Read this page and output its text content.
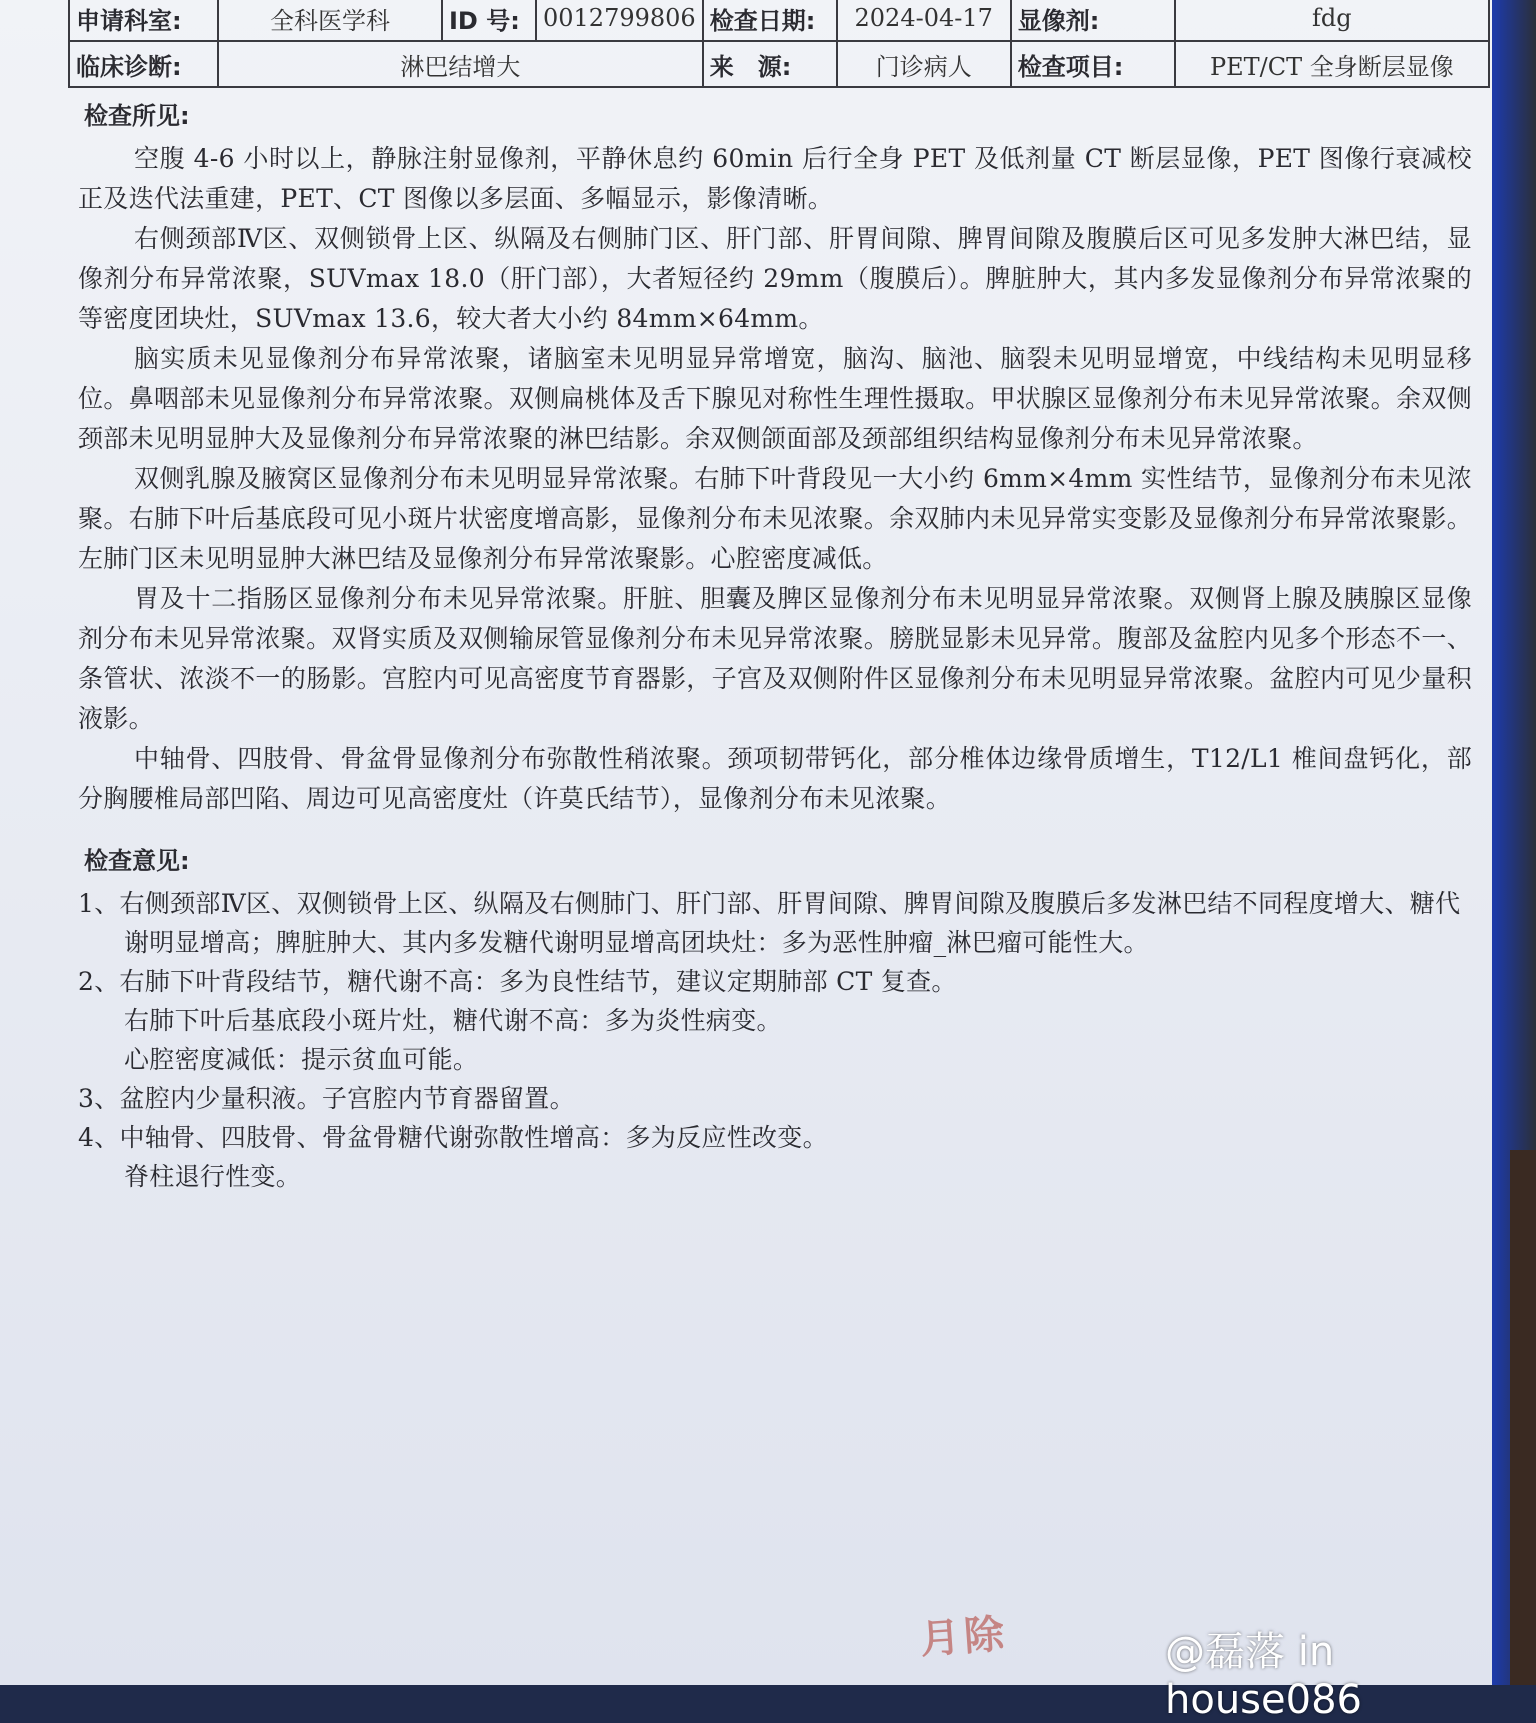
申请科室:	全科医学科	ID 号:	0012799806	检查日期:	2024-04-17	显像剂:	fdg
临床诊断:	淋巴结增大			来　源:	门诊病人	检查项目:	PET/CT 全身断层显像
检查所见:

空腹 4-6 小时以上，静脉注射显像剂，平静休息约 60min 后行全身 PET 及低剂量 CT 断层显像，PET 图像行衰减校正及迭代法重建，PET、CT 图像以多层面、多幅显示，影像清晰。

右侧颈部Ⅳ区、双侧锁骨上区、纵隔及右侧肺门区、肝门部、肝胃间隙、脾胃间隙及腹膜后区可见多发肿大淋巴结，显像剂分布异常浓聚，SUVmax 18.0（肝门部），大者短径约 29mm（腹膜后）。脾脏肿大，其内多发显像剂分布异常浓聚的等密度团块灶，SUVmax 13.6，较大者大小约 84mm×64mm。

脑实质未见显像剂分布异常浓聚，诸脑室未见明显异常增宽，脑沟、脑池、脑裂未见明显增宽，中线结构未见明显移位。鼻咽部未见显像剂分布异常浓聚。双侧扁桃体及舌下腺见对称性生理性摄取。甲状腺区显像剂分布未见异常浓聚。余双侧颈部未见明显肿大及显像剂分布异常浓聚的淋巴结影。余双侧颌面部及颈部组织结构显像剂分布未见异常浓聚。

双侧乳腺及腋窝区显像剂分布未见明显异常浓聚。右肺下叶背段见一大小约 6mm×4mm 实性结节，显像剂分布未见浓聚。右肺下叶后基底段可见小斑片状密度增高影，显像剂分布未见浓聚。余双肺内未见异常实变影及显像剂分布异常浓聚影。左肺门区未见明显肿大淋巴结及显像剂分布异常浓聚影。心腔密度减低。

胃及十二指肠区显像剂分布未见异常浓聚。肝脏、胆囊及脾区显像剂分布未见明显异常浓聚。双侧肾上腺及胰腺区显像剂分布未见异常浓聚。双肾实质及双侧输尿管显像剂分布未见异常浓聚。膀胱显影未见异常。腹部及盆腔内见多个形态不一、条管状、浓淡不一的肠影。宫腔内可见高密度节育器影，子宫及双侧附件区显像剂分布未见明显异常浓聚。盆腔内可见少量积液影。

中轴骨、四肢骨、骨盆骨显像剂分布弥散性稍浓聚。颈项韧带钙化，部分椎体边缘骨质增生，T12/L1 椎间盘钙化，部分胸腰椎局部凹陷、周边可见高密度灶（许莫氏结节），显像剂分布未见浓聚。

检查意见:

1、右侧颈部Ⅳ区、双侧锁骨上区、纵隔及右侧肺门、肝门部、肝胃间隙、脾胃间隙及腹膜后多发淋巴结不同程度增大、糖代谢明显增高；脾脏肿大、其内多发糖代谢明显增高团块灶：多为恶性肿瘤_淋巴瘤可能性大。

2、右肺下叶背段结节，糖代谢不高：多为良性结节，建议定期肺部 CT 复查。

右肺下叶后基底段小斑片灶，糖代谢不高：多为炎性病变。

心腔密度减低：提示贫血可能。

3、盆腔内少量积液。子宫腔内节育器留置。

4、中轴骨、四肢骨、骨盆骨糖代谢弥散性增高：多为反应性改变。

脊柱退行性变。

月除	@磊落 in house086
